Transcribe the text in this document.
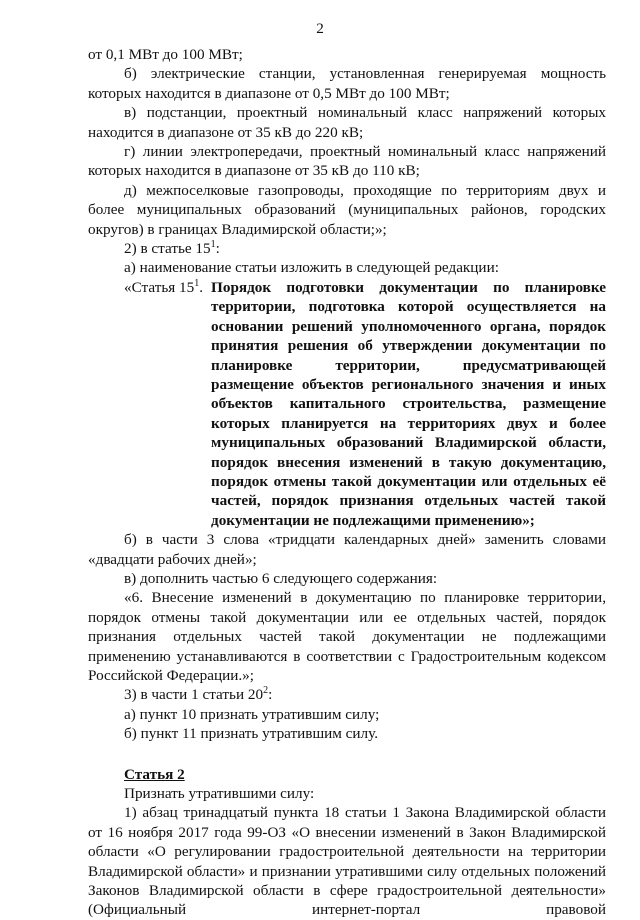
2

от 0,1 МВт до 100 МВт;

б) электрические станции, установленная генерируемая мощность которых находится в диапазоне от 0,5 МВт до 100 МВт;

в) подстанции, проектный номинальный класс напряжений которых находится в диапазоне от 35 кВ до 220 кВ;

г) линии электропередачи, проектный номинальный класс напряжений которых находится в диапазоне от 35 кВ до 110 кВ;

д) межпоселковые газопроводы, проходящие по территориям двух и более муниципальных образований (муниципальных районов, городских округов) в границах Владимирской области;»;

2) в статье $15^1$:

а) наименование статьи изложить в следующей редакции:

«Статья $15^1$. Порядок подготовки документации по планировке территории, подготовка которой осуществляется на основании решений уполномоченного органа, порядок принятия решения об утверждении документации по планировке территории, предусматривающей размещение объектов регионального значения и иных объектов капитального строительства, размещение которых планируется на территориях двух и более муниципальных образований Владимирской области, порядок внесения изменений в такую документацию, порядок отмены такой документации или отдельных её частей, порядок признания отдельных частей такой документации не подлежащими применению»;

б) в части 3 слова «тридцати календарных дней» заменить словами «двадцати рабочих дней»;

в) дополнить частью 6 следующего содержания:

«6. Внесение изменений в документацию по планировке территории, порядок отмены такой документации или ее отдельных частей, порядок признания отдельных частей такой документации не подлежащими применению устанавливаются в соответствии с Градостроительным кодексом Российской Федерации.»;

3) в части 1 статьи $20^2$:

а) пункт 10 признать утратившим силу;

б) пункт 11 признать утратившим силу.

Статья 2

Признать утратившими силу:

1) абзац тринадцатый пункта 18 статьи 1 Закона Владимирской области от 16 ноября 2017 года 99-ОЗ «О внесении изменений в Закон Владимирской области «О регулировании градостроительной деятельности на территории Владимирской области» и признании утратившими силу отдельных положений Законов Владимирской области в сфере градостроительной деятельности» (Официальный интернет-портал правовой
